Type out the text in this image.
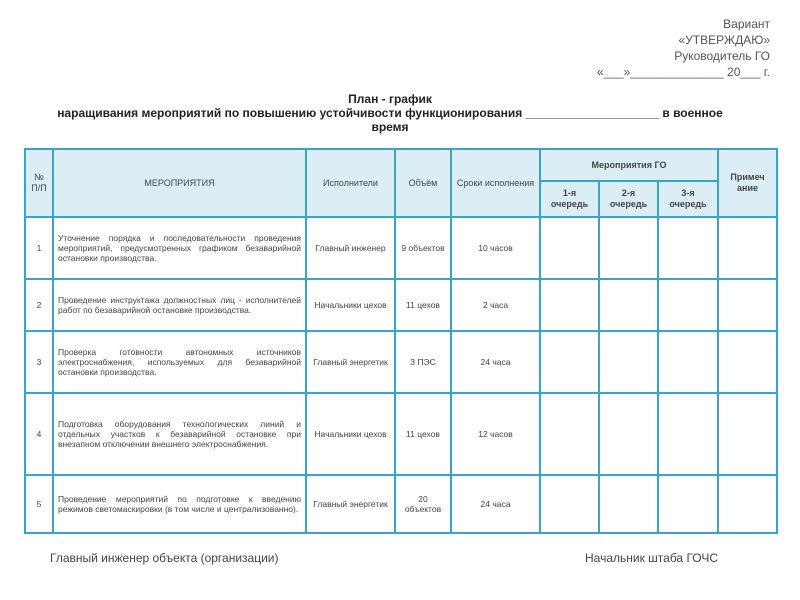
Вариант
«УТВЕРЖДАЮ»
Руководитель ГО
«___»______________ 20___ г.
План - график
наращивания мероприятий по повышению устойчивости функционирования ____________________ в военное время
№ П/П	МЕРОПРИЯТИЯ	Исполнители	Объём	Сроки исполнения	Мероприятия ГО			Примеч ание
					1-я очередь	2-я очередь	3-я очередь	
1	Уточнение порядка и последовательности проведения мероприятий, предусмотренных графиком безаварийной остановки производства.	Главный инженер	9 объектов	10 часов				
2	Проведение инструктажа должностных лиц - исполнителей работ по безаварийной остановке производства.	Начальники цехов	11 цехов	2 часа				
3	Проверка готовности автономных источников электроснабжения, используемых для безаварийной остановки производства.	Главный энергетик	3 ПЭС	24 часа				
4	Подготовка оборудования технологических линий и отдельных участков к безаварийной остановке при внезапном отключении внешнего электроснабжения.	Начальники цехов	11 цехов	12 часов				
5	Проведение мероприятий по подготовке к введению режимов светомаскировки (в том числе и централизованно).	Главный энергетик	20 объектов	24 часа				
Главный инженер объекта (организации)	Начальник штаба ГОЧС
